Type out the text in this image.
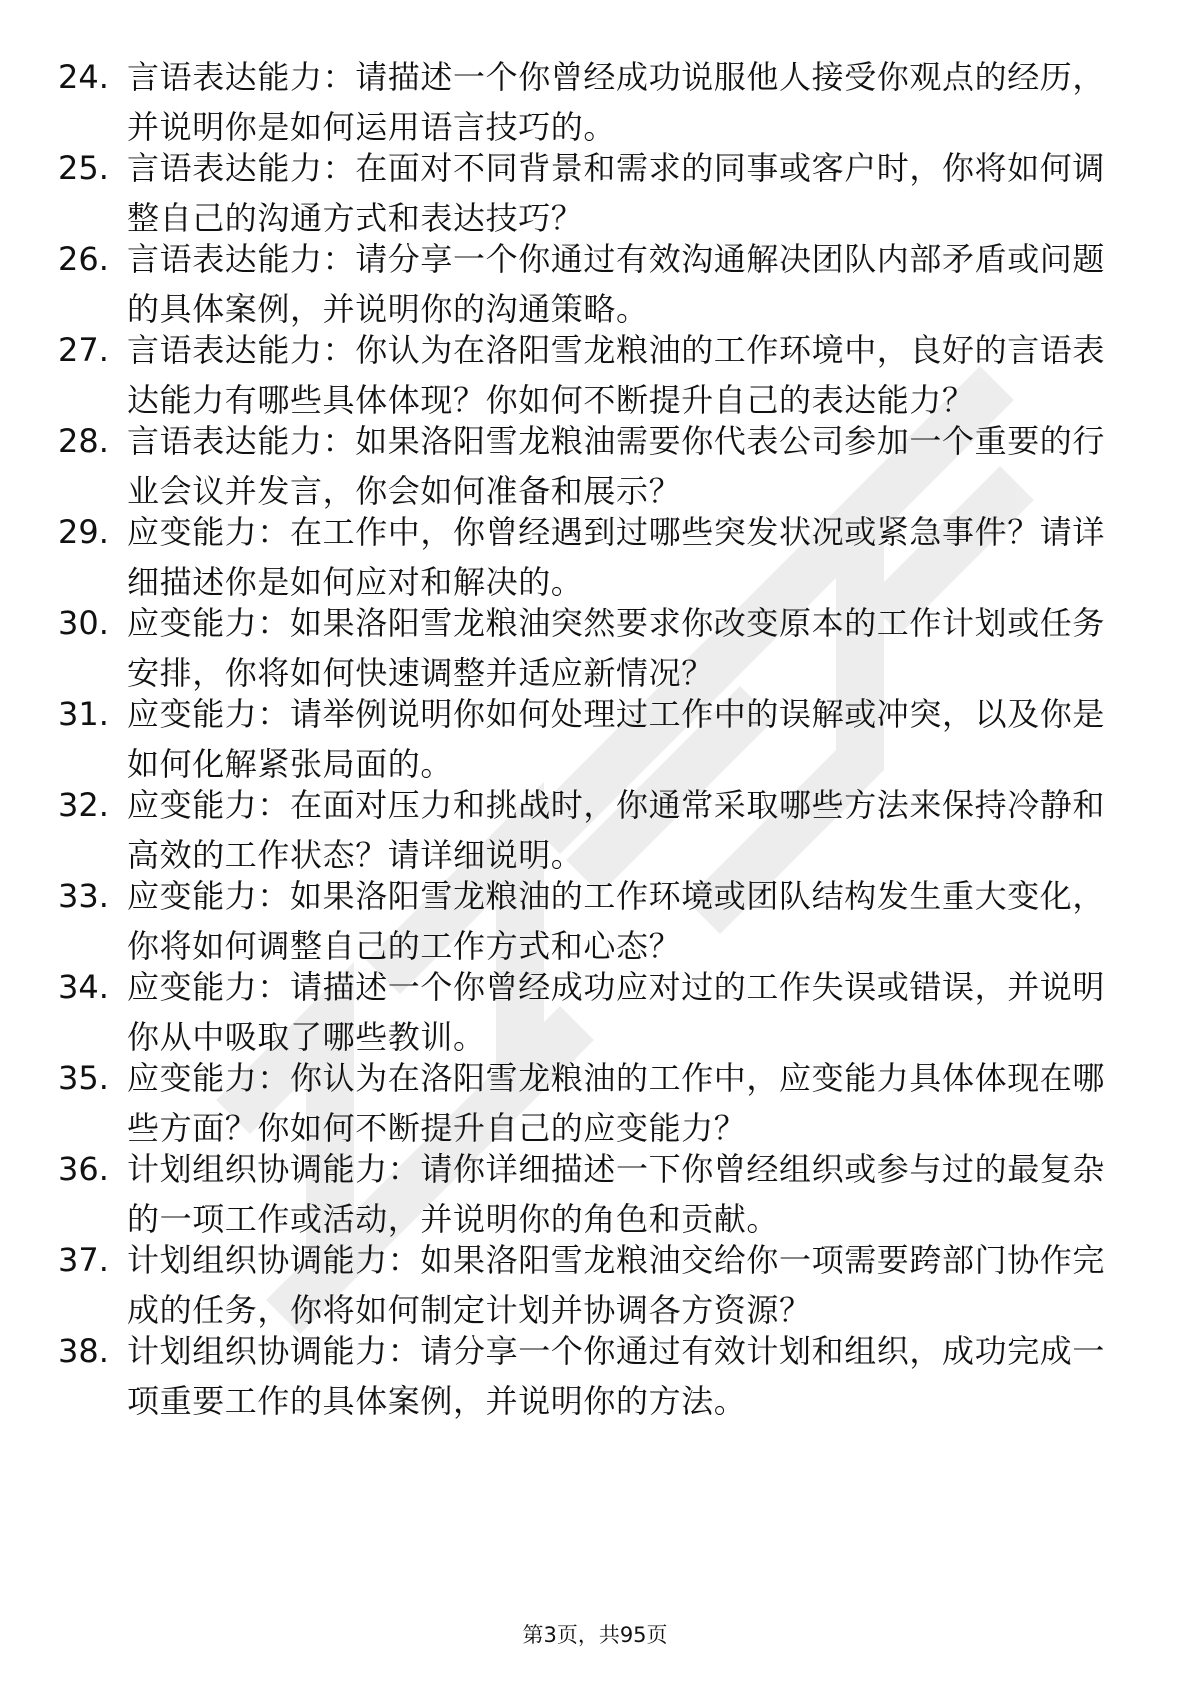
24. 言语表达能力：请描述一个你曾经成功说服他人接受你观点的经历，并说明你是如何运用语言技巧的。
25. 言语表达能力：在面对不同背景和需求的同事或客户时，你将如何调整自己的沟通方式和表达技巧？
26. 言语表达能力：请分享一个你通过有效沟通解决团队内部矛盾或问题的具体案例，并说明你的沟通策略。
27. 言语表达能力：你认为在洛阳雪龙粮油的工作环境中，良好的言语表达能力有哪些具体体现？你如何不断提升自己的表达能力？
28. 言语表达能力：如果洛阳雪龙粮油需要你代表公司参加一个重要的行业会议并发言，你会如何准备和展示？
29. 应变能力：在工作中，你曾经遇到过哪些突发状况或紧急事件？请详细描述你是如何应对和解决的。
30. 应变能力：如果洛阳雪龙粮油突然要求你改变原本的工作计划或任务安排，你将如何快速调整并适应新情况？
31. 应变能力：请举例说明你如何处理过工作中的误解或冲突，以及你是如何化解紧张局面的。
32. 应变能力：在面对压力和挑战时，你通常采取哪些方法来保持冷静和高效的工作状态？请详细说明。
33. 应变能力：如果洛阳雪龙粮油的工作环境或团队结构发生重大变化，你将如何调整自己的工作方式和心态？
34. 应变能力：请描述一个你曾经成功应对过的工作失误或错误，并说明你从中吸取了哪些教训。
35. 应变能力：你认为在洛阳雪龙粮油的工作中，应变能力具体体现在哪些方面？你如何不断提升自己的应变能力？
36. 计划组织协调能力：请你详细描述一下你曾经组织或参与过的最复杂的一项工作或活动，并说明你的角色和贡献。
37. 计划组织协调能力：如果洛阳雪龙粮油交给你一项需要跨部门协作完成的任务，你将如何制定计划并协调各方资源？
38. 计划组织协调能力：请分享一个你通过有效计划和组织，成功完成一项重要工作的具体案例，并说明你的方法。
第3页，共95页
